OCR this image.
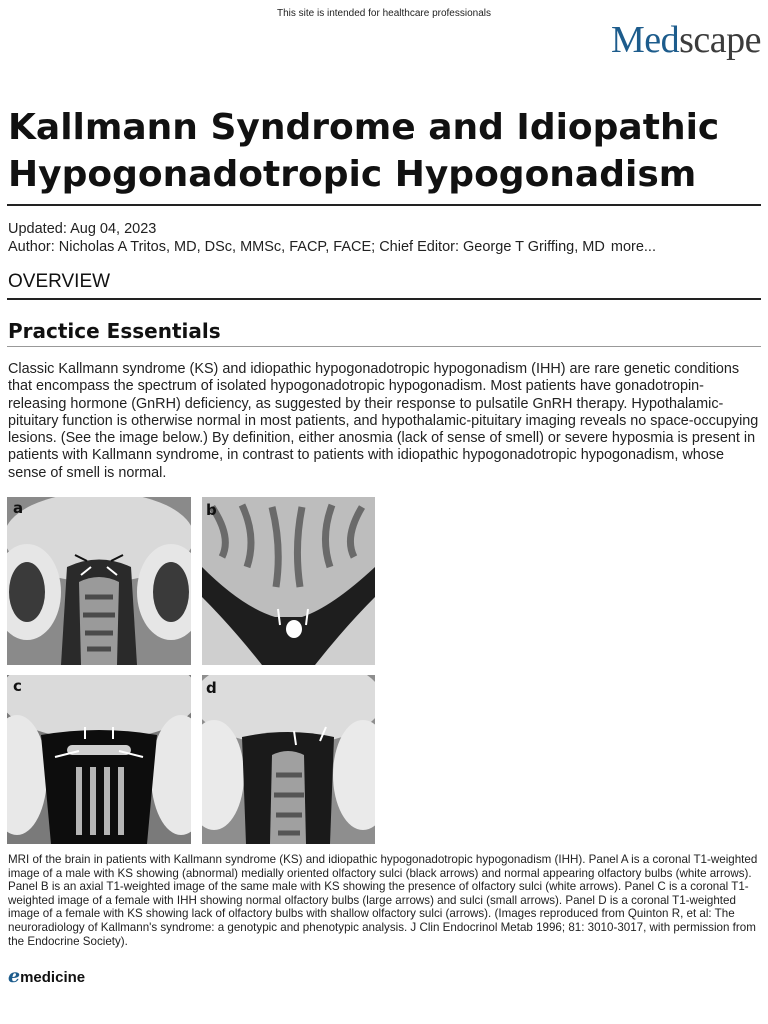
This site is intended for healthcare professionals
Medscape
Kallmann Syndrome and Idiopathic Hypogonadotropic Hypogonadism
Updated: Aug 04, 2023
Author: Nicholas A Tritos, MD, DSc, MMSc, FACP, FACE; Chief Editor: George T Griffing, MD more...
OVERVIEW
Practice Essentials

Classic Kallmann syndrome (KS) and idiopathic hypogonadotropic hypogonadism (IHH) are rare genetic conditions that encompass the spectrum of isolated hypogonadotropic hypogonadism. Most patients have gonadotropin-releasing hormone (GnRH) deficiency, as suggested by their response to pulsatile GnRH therapy. Hypothalamic-pituitary function is otherwise normal in most patients, and hypothalamic-pituitary imaging reveals no space-occupying lesions. (See the image below.) By definition, either anosmia (lack of sense of smell) or severe hyposmia is present in patients with Kallmann syndrome, in contrast to patients with idiopathic hypogonadotropic hypogonadism, whose sense of smell is normal.

a	b
c	d

MRI of the brain in patients with Kallmann syndrome (KS) and idiopathic hypogonadotropic hypogonadism (IHH). Panel A is a coronal T1-weighted image of a male with KS showing (abnormal) medially oriented olfactory sulci (black arrows) and normal appearing olfactory bulbs (white arrows). Panel B is an axial T1-weighted image of the same male with KS showing the presence of olfactory sulci (white arrows). Panel C is a coronal T1-weighted image of a female with IHH showing normal olfactory bulbs (large arrows) and sulci (small arrows). Panel D is a coronal T1-weighted image of a female with KS showing lack of olfactory bulbs with shallow olfactory sulci (arrows). (Images reproduced from Quinton R, et al: The neuroradiology of Kallmann's syndrome: a genotypic and phenotypic analysis. J Clin Endocrinol Metab 1996; 81: 3010-3017, with permission from the Endocrine Society).

emedicine
